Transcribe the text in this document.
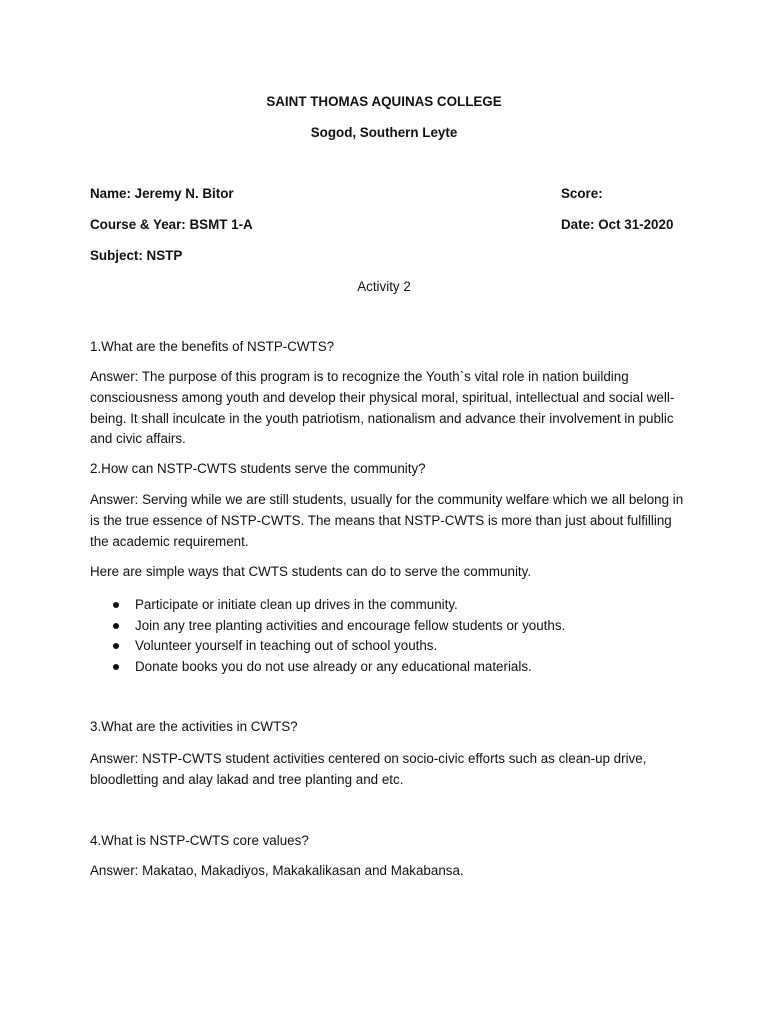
SAINT THOMAS AQUINAS COLLEGE
Sogod, Southern Leyte
Name: Jeremy N. Bitor	Score:
Course & Year: BSMT 1-A	Date: Oct 31-2020
Subject: NSTP
Activity 2
1.What are the benefits of NSTP-CWTS?
Answer: The purpose of this program is to recognize the Youth`s vital role in nation building consciousness among youth and develop their physical moral, spiritual, intellectual and social well-being. It shall inculcate in the youth patriotism, nationalism and advance their involvement in public and civic affairs.
2.How can NSTP-CWTS students serve the community?
Answer: Serving while we are still students, usually for the community welfare which we all belong in is the true essence of NSTP-CWTS. The means that NSTP-CWTS is more than just about fulfilling the academic requirement.
Here are simple ways that CWTS students can do to serve the community.
Participate or initiate clean up drives in the community.
Join any tree planting activities and encourage fellow students or youths.
Volunteer yourself in teaching out of school youths.
Donate books you do not use already or any educational materials.
3.What are the activities in CWTS?
Answer: NSTP-CWTS student activities centered on socio-civic efforts such as clean-up drive, bloodletting and alay lakad and tree planting and etc.
4.What is NSTP-CWTS core values?
Answer: Makatao, Makadiyos, Makakalikasan and Makabansa.
